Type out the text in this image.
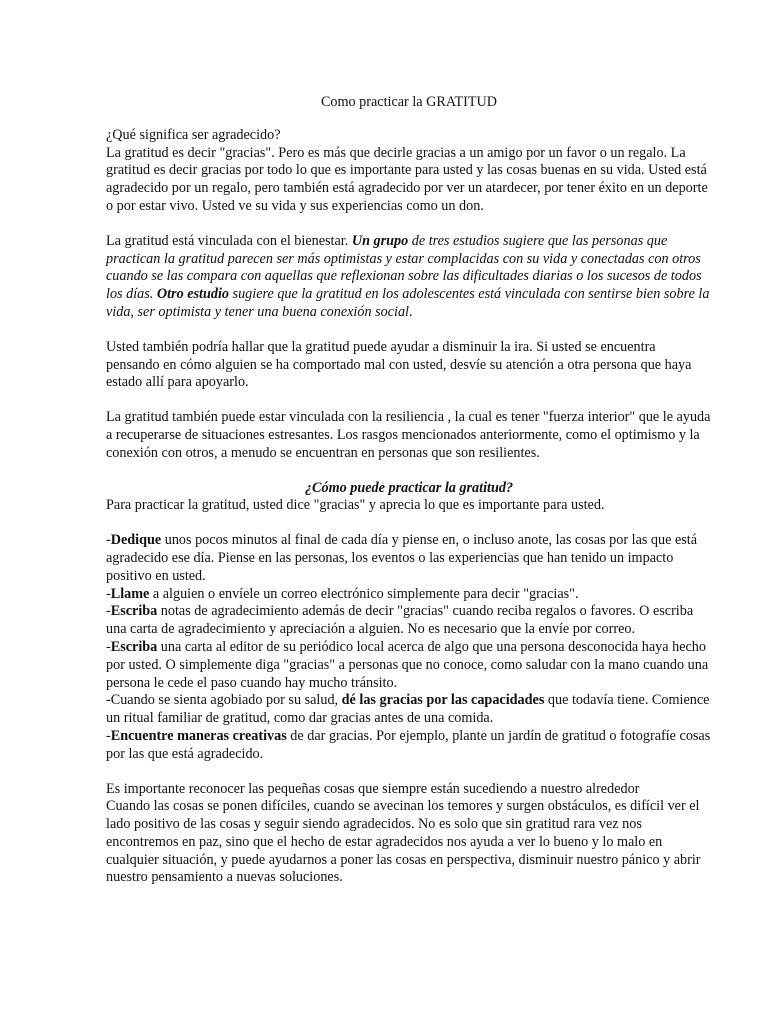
Como practicar la GRATITUD

¿Qué significa ser agradecido?
La gratitud es decir "gracias". Pero es más que decirle gracias a un amigo por un favor o un regalo. La gratitud es decir gracias por todo lo que es importante para usted y las cosas buenas en su vida. Usted está agradecido por un regalo, pero también está agradecido por ver un atardecer, por tener éxito en un deporte o por estar vivo. Usted ve su vida y sus experiencias como un don.

La gratitud está vinculada con el bienestar. Un grupo de tres estudios sugiere que las personas que practican la gratitud parecen ser más optimistas y estar complacidas con su vida y conectadas con otros cuando se las compara con aquellas que reflexionan sobre las dificultades diarias o los sucesos de todos los días. Otro estudio sugiere que la gratitud en los adolescentes está vinculada con sentirse bien sobre la vida, ser optimista y tener una buena conexión social.

Usted también podría hallar que la gratitud puede ayudar a disminuir la ira. Si usted se encuentra pensando en cómo alguien se ha comportado mal con usted, desvíe su atención a otra persona que haya estado allí para apoyarlo.

La gratitud también puede estar vinculada con la resiliencia , la cual es tener "fuerza interior" que le ayuda a recuperarse de situaciones estresantes. Los rasgos mencionados anteriormente, como el optimismo y la conexión con otros, a menudo se encuentran en personas que son resilientes.

¿Cómo puede practicar la gratitud?
Para practicar la gratitud, usted dice "gracias" y aprecia lo que es importante para usted.
-Dedique unos pocos minutos al final de cada día y piense en, o incluso anote, las cosas por las que está agradecido ese día. Piense en las personas, los eventos o las experiencias que han tenido un impacto positivo en usted.
-Llame a alguien o envíele un correo electrónico simplemente para decir "gracias".
-Escriba notas de agradecimiento además de decir "gracias" cuando reciba regalos o favores. O escriba una carta de agradecimiento y apreciación a alguien. No es necesario que la envíe por correo.
-Escriba una carta al editor de su periódico local acerca de algo que una persona desconocida haya hecho por usted. O simplemente diga "gracias" a personas que no conoce, como saludar con la mano cuando una persona le cede el paso cuando hay mucho tránsito.
-Cuando se sienta agobiado por su salud, dé las gracias por las capacidades que todavía tiene. Comience un ritual familiar de gratitud, como dar gracias antes de una comida.
-Encuentre maneras creativas de dar gracias. Por ejemplo, plante un jardín de gratitud o fotografíe cosas por las que está agradecido.

Es importante reconocer las pequeñas cosas que siempre están sucediendo a nuestro alrededor
Cuando las cosas se ponen difíciles, cuando se avecinan los temores y surgen obstáculos, es difícil ver el lado positivo de las cosas y seguir siendo agradecidos. No es solo que sin gratitud rara vez nos encontremos en paz, sino que el hecho de estar agradecidos nos ayuda a ver lo bueno y lo malo en cualquier situación, y puede ayudarnos a poner las cosas en perspectiva, disminuir nuestro pánico y abrir nuestro pensamiento a nuevas soluciones.
